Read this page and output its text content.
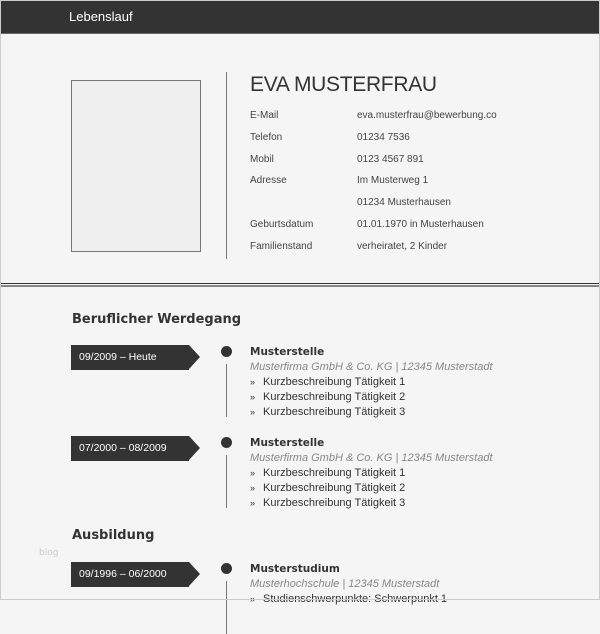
Lebenslauf
EVA MUSTERFRAU
E-Mail	eva.musterfrau@bewerbung.co
Telefon	01234 7536
Mobil	0123 4567 891
Adresse	Im Musterweg 1
01234 Musterhausen
Geburtsdatum	01.01.1970 in Musterhausen
Familienstand	verheiratet, 2 Kinder
Beruflicher Werdegang
Ausbildung
blog
09/2009 – Heute	Musterstelle
Musterfirma GmbH & Co. KG | 12345 Musterstadt
» Kurzbeschreibung Tätigkeit 1
» Kurzbeschreibung Tätigkeit 2
» Kurzbeschreibung Tätigkeit 3
07/2000 – 08/2009	Musterstelle
Musterfirma GmbH & Co. KG | 12345 Musterstadt
» Kurzbeschreibung Tätigkeit 1
» Kurzbeschreibung Tätigkeit 2
» Kurzbeschreibung Tätigkeit 3
09/1996 – 06/2000	Musterstudium
Musterhochschule | 12345 Musterstadt
» Studienschwerpunkte: Schwerpunkt 1
